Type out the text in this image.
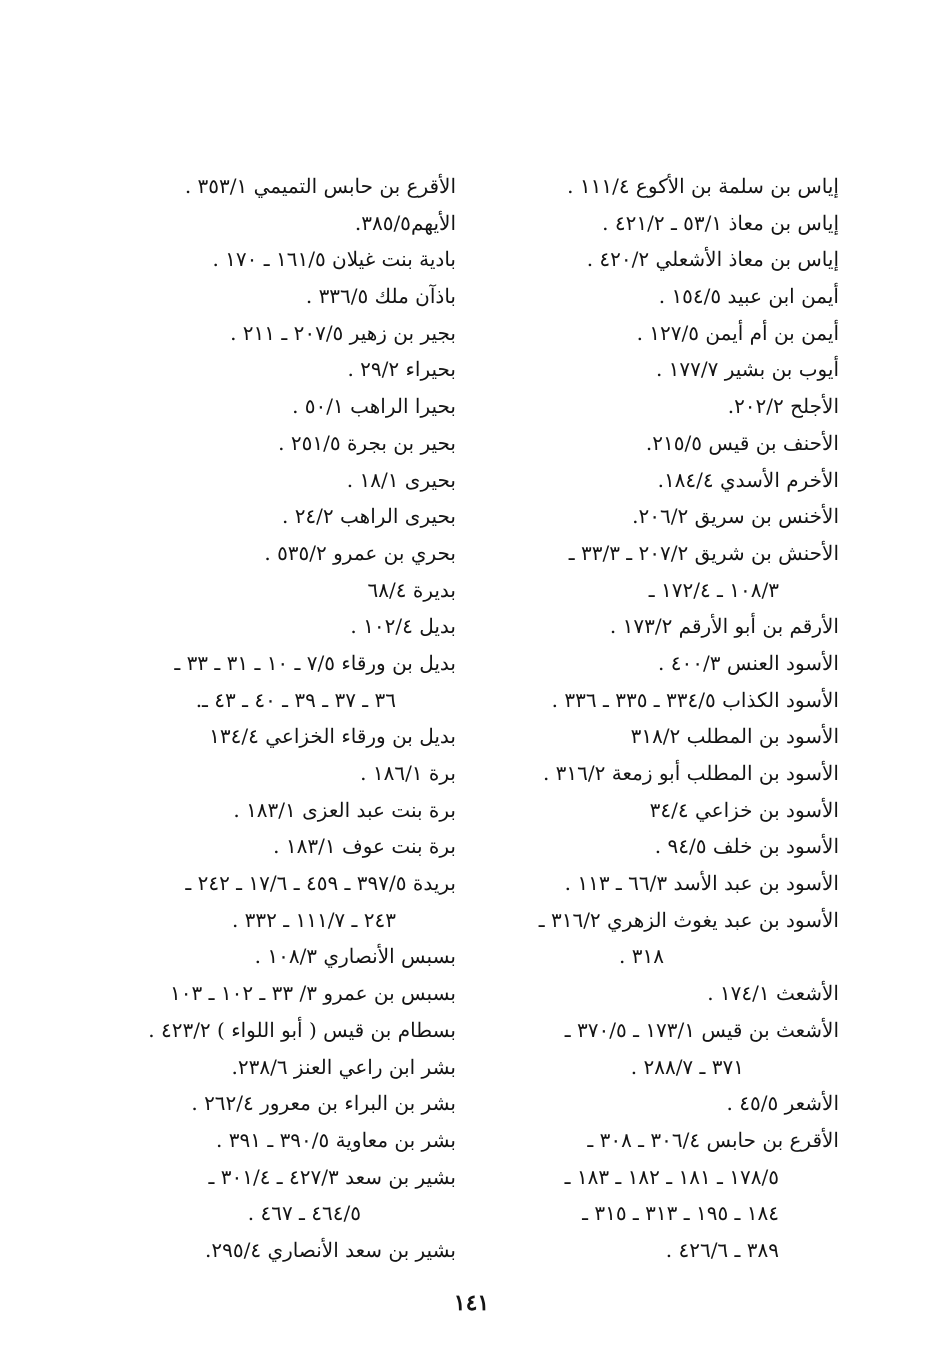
إياس بن سلمة بن الأكوع ١١١/٤ .
إياس بن معاذ ٥٣/١ ـ ٤٢١/٢ .
إياس بن معاذ الأشعلي ٤٢٠/٢ .
أيمن ابن عبيد ١٥٤/٥ .
أيمن بن أم أيمن ١٢٧/٥ .
أيوب بن بشير ١٧٧/٧ .
الأجلح ٢٠٢/٢.
الأحنف بن قيس ٢١٥/٥.
الأخرم الأسدي ١٨٤/٤.
الأخنس بن سريق ٢٠٦/٢.
الأحنش بن شريق ٢٠٧/٢ ـ ٣٣/٣ ـ
١٠٨/٣ ـ ١٧٢/٤ ـ
الأرقم بن أبو الأرقم ١٧٣/٢ .
الأسود العنس ٤٠٠/٣ .
الأسود الكذاب ٣٣٤/٥ ـ ٣٣٥ ـ ٣٣٦ .
الأسود بن المطلب ٣١٨/٢
الأسود بن المطلب أبو زمعة ٣١٦/٢ .
الأسود بن خزاعي ٣٤/٤
الأسود بن خلف ٩٤/٥ .
الأسود بن عبد الأسد ٦٦/٣ ـ ١١٣ .
الأسود بن عبد يغوث الزهري ٣١٦/٢ ـ
٣١٨ .
الأشعث ١٧٤/١ .
الأشعث بن قيس ١٧٣/١ ـ ٣٧٠/٥ ـ
٣٧١ ـ ٢٨٨/٧ .
الأشعر ٤٥/٥ .
الأقرع بن حابس ٣٠٦/٤ ـ ٣٠٨ ـ
١٧٨/٥ ـ ١٨١ ـ ١٨٢ ـ ١٨٣ ـ
١٨٤ ـ ١٩٥ ـ ٣١٣ ـ ٣١٥ ـ
٣٨٩ ـ ٤٢٦/٦ .
الأقرع بن حابس التميمي ٣٥٣/١ .
الأيهم٣٨٥/٥.
بادية بنت غيلان ١٦١/٥ ـ ١٧٠ .
باذآن ملك ٣٣٦/٥ .
بجير بن زهير ٢٠٧/٥ ـ ٢١١ .
بحيراء ٢٩/٢ .
بحيرا الراهب ٥٠/١ .
بحير بن بجرة ٢٥١/٥ .
بحيرى ١٨/١ .
بحيرى الراهب ٢٤/٢ .
بحري بن عمرو ٥٣٥/٢ .
بديرة ٦٨/٤
بديل ١٠٢/٤ .
بديل بن ورقاء ٧/٥ ـ ١٠ ـ ٣١ ـ ٣٣ ـ
٣٦ ـ ٣٧ ـ ٣٩ ـ ٤٠ ـ ٤٣ ـ.
بديل بن ورقاء الخزاعي ١٣٤/٤
برة ١٨٦/١ .
برة بنت عبد العزى ١٨٣/١ .
برة بنت عوف ١٨٣/١ .
بريدة ٣٩٧/٥ ـ ٤٥٩ ـ ١٧/٦ ـ ٢٤٢ ـ
٢٤٣ ـ ١١١/٧ ـ ٣٣٢ .
بسبس الأنصاري ١٠٨/٣ .
بسبس بن عمرو ٣/ ٣٣ ـ ١٠٢ ـ ١٠٣
بسطام بن قيس ( أبو اللواء ) ٤٢٣/٢ .
بشر ابن راعي العنز ٢٣٨/٦.
بشر بن البراء بن معرور ٢٦٢/٤ .
بشر بن معاوية ٣٩٠/٥ ـ ٣٩١ .
بشير بن سعد ٤٢٧/٣ ـ ٣٠١/٤ ـ
٤٦٤/٥ ـ ٤٦٧ .
بشير بن سعد الأنصاري ٢٩٥/٤.
١٤١
